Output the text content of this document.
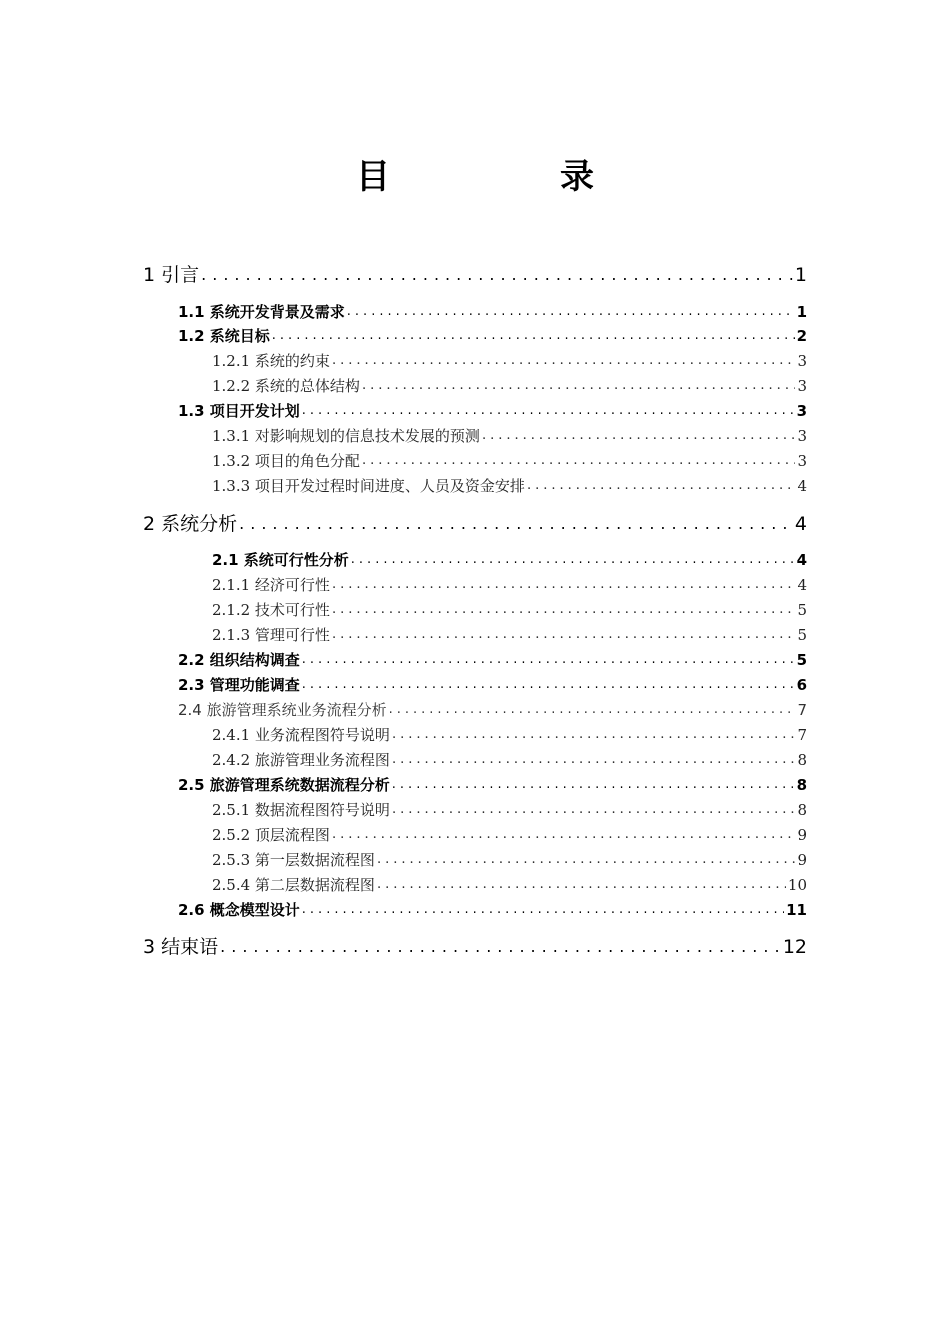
目　录
1 引言 .....	1
1.1 系统开发背景及需求 .....	1
1.2 系统目标 .....	2
1.2.1 系统的约束 .....	3
1.2.2 系统的总体结构 .....	3
1.3 项目开发计划 .....	3
1.3.1 对影响规划的信息技术发展的预测 .....	3
1.3.2 项目的角色分配 .....	3
1.3.3 项目开发过程时间进度、人员及资金安排 .....	4
2 系统分析 .....	4
2.1 系统可行性分析 .....	4
2.1.1 经济可行性 .....	4
2.1.2 技术可行性 .....	5
2.1.3 管理可行性 .....	5
2.2 组织结构调查 .....	5
2.3 管理功能调查 .....	6
2.4 旅游管理系统业务流程分析 .....	7
2.4.1 业务流程图符号说明 .....	7
2.4.2 旅游管理业务流程图 .....	8
2.5 旅游管理系统数据流程分析 .....	8
2.5.1 数据流程图符号说明 .....	8
2.5.2 顶层流程图 .....	9
2.5.3 第一层数据流程图 .....	9
2.5.4 第二层数据流程图 .....	10
2.6 概念模型设计 .....	11
3 结束语 .....	12
